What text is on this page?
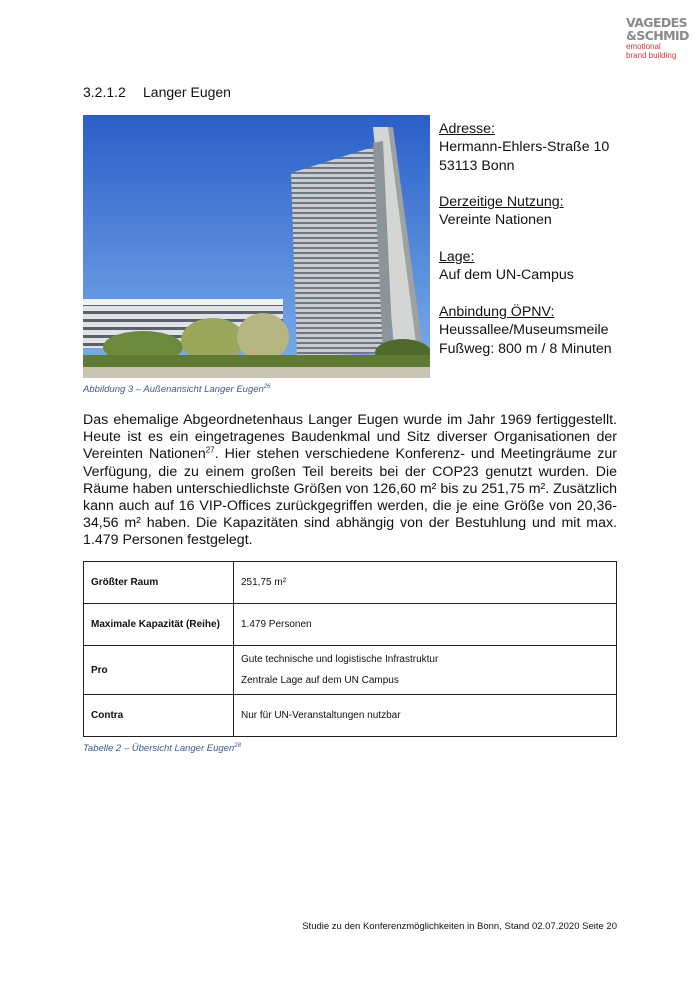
VAGEDES
&SCHMID
emotional
brand building
3.2.1.2 Langer Eugen
Adresse:
Hermann-Ehlers-Straße 10
53113 Bonn
Derzeitige Nutzung:
Vereinte Nationen
Lage:
Auf dem UN-Campus
Anbindung ÖPNV:
Heussallee/Museumsmeile
Fußweg: 800 m / 8 Minuten
Abbildung 3 – Außenansicht Langer Eugen$^{26}$
Das ehemalige Abgeordnetenhaus Langer Eugen wurde im Jahr 1969 fertiggestellt. Heute ist es ein eingetragenes Baudenkmal und Sitz diverser Organisationen der Vereinten Nationen$^{27}$. Hier stehen verschiedene Konferenz- und Meetingräume zur Verfügung, die zu einem großen Teil bereits bei der COP23 genutzt wurden. Die Räume haben unterschiedlichste Größen von 126,60 m² bis zu 251,75 m². Zusätzlich kann auch auf 16 VIP-Offices zurückgegriffen werden, die je eine Größe von 20,36-34,56 m² haben. Die Kapazitäten sind abhängig von der Bestuhlung und mit max. 1.479 Personen festgelegt.
Größter Raum	251,75 m²
Maximale Kapazität (Reihe)	1.479 Personen
Pro	Gute technische und logistische Infrastruktur
Zentrale Lage auf dem UN Campus

Contra	Nur für UN-Veranstaltungen nutzbar
Tabelle 2 – Übersicht Langer Eugen$^{28}$
Studie zu den Konferenzmöglichkeiten in Bonn, Stand 02.07.2020 Seite 20
